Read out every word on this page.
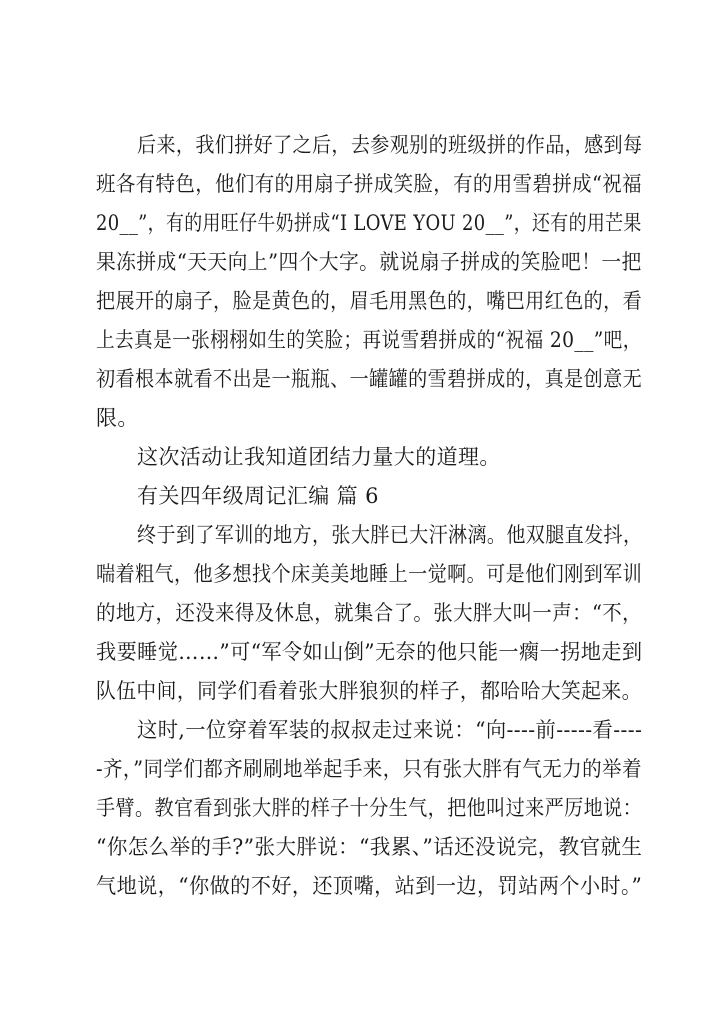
后来，我们拼好了之后，去参观别的班级拼的作品，感到每
班各有特色，他们有的用扇子拼成笑脸，有的用雪碧拼成“祝福
20__”，有的用旺仔牛奶拼成“I LOVE YOU 20__”，还有的用芒果
果冻拼成“天天向上”四个大字。就说扇子拼成的笑脸吧！一把
把展开的扇子，脸是黄色的，眉毛用黑色的，嘴巴用红色的，看
上去真是一张栩栩如生的笑脸；再说雪碧拼成的“祝福 20__”吧，
初看根本就看不出是一瓶瓶、一罐罐的雪碧拼成的，真是创意无
限。
这次活动让我知道团结力量大的道理。
有关四年级周记汇编 篇 6
终于到了军训的地方，张大胖已大汗淋漓。他双腿直发抖，
喘着粗气，他多想找个床美美地睡上一觉啊。可是他们刚到军训
的地方，还没来得及休息，就集合了。张大胖大叫一声：“不，
我要睡觉……”可“军令如山倒”无奈的他只能一瘸一拐地走到
队伍中间，同学们看着张大胖狼狈的样子，都哈哈大笑起来。
这时,一位穿着军装的叔叔走过来说：“向----前-----看----
-齐，”同学们都齐刷刷地举起手来，只有张大胖有气无力的举着
手臂。教官看到张大胖的样子十分生气，把他叫过来严厉地说：
“你怎么举的手?”张大胖说：“我累、”话还没说完，教官就生
气地说，“你做的不好，还顶嘴，站到一边，罚站两个小时。”
